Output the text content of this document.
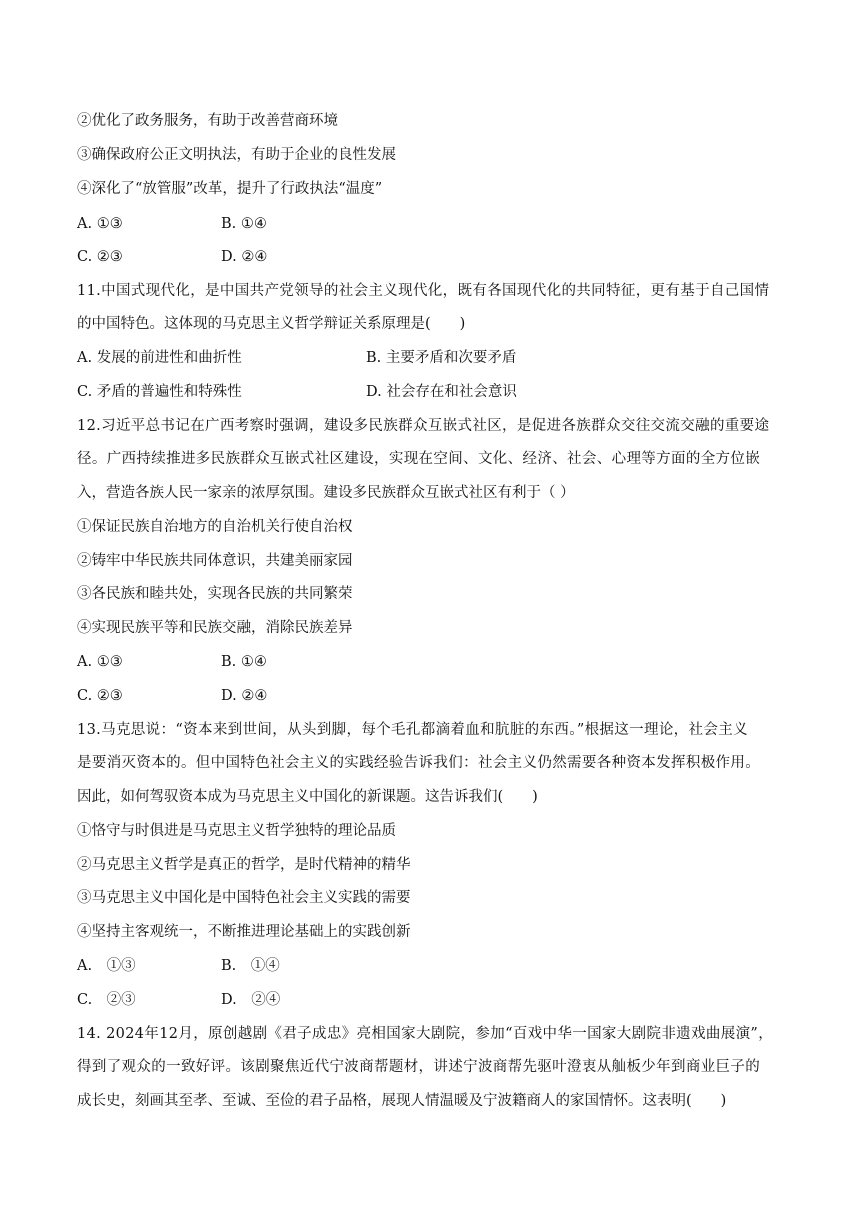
②优化了政务服务，有助于改善营商环境
③确保政府公正文明执法，有助于企业的良性发展
④深化了“放管服”改革，提升了行政执法“温度”
A. ①③	B. ①④
C. ②③	D. ②④
11.中国式现代化，是中国共产党领导的社会主义现代化，既有各国现代化的共同特征，更有基于自己国情
的中国特色。这体现的马克思主义哲学辩证关系原理是(　　)
A. 发展的前进性和曲折性	B. 主要矛盾和次要矛盾
C. 矛盾的普遍性和特殊性	D. 社会存在和社会意识
12.习近平总书记在广西考察时强调，建设多民族群众互嵌式社区，是促进各族群众交往交流交融的重要途
径。广西持续推进多民族群众互嵌式社区建设，实现在空间、文化、经济、社会、心理等方面的全方位嵌
入，营造各族人民一家亲的浓厚氛围。建设多民族群众互嵌式社区有利于（ ）
①保证民族自治地方的自治机关行使自治权
②铸牢中华民族共同体意识，共建美丽家园
③各民族和睦共处，实现各民族的共同繁荣
④实现民族平等和民族交融，消除民族差异
A. ①③	B. ①④
C. ②③	D. ②④
13.马克思说：“资本来到世间，从头到脚，每个毛孔都滴着血和肮脏的东西。”根据这一理论，社会主义
是要消灭资本的。但中国特色社会主义的实践经验告诉我们：社会主义仍然需要各种资本发挥积极作用。
因此，如何驾驭资本成为马克思主义中国化的新课题。这告诉我们(　　)
①恪守与时俱进是马克思主义哲学独特的理论品质
②马克思主义哲学是真正的哲学，是时代精神的精华
③马克思主义中国化是中国特色社会主义实践的需要
④坚持主客观统一，不断推进理论基础上的实践创新
A.　①③	B.　①④
C.　②③	D.　②④
14. 2024年12月，原创越剧《君子成忠》亮相国家大剧院，参加“百戏中华一国家大剧院非遗戏曲展演”，
得到了观众的一致好评。该剧聚焦近代宁波商帮题材，讲述宁波商帮先驱叶澄衷从舢板少年到商业巨子的
成长史，刻画其至孝、至诚、至俭的君子品格，展现人情温暖及宁波籍商人的家国情怀。这表明(　　)
